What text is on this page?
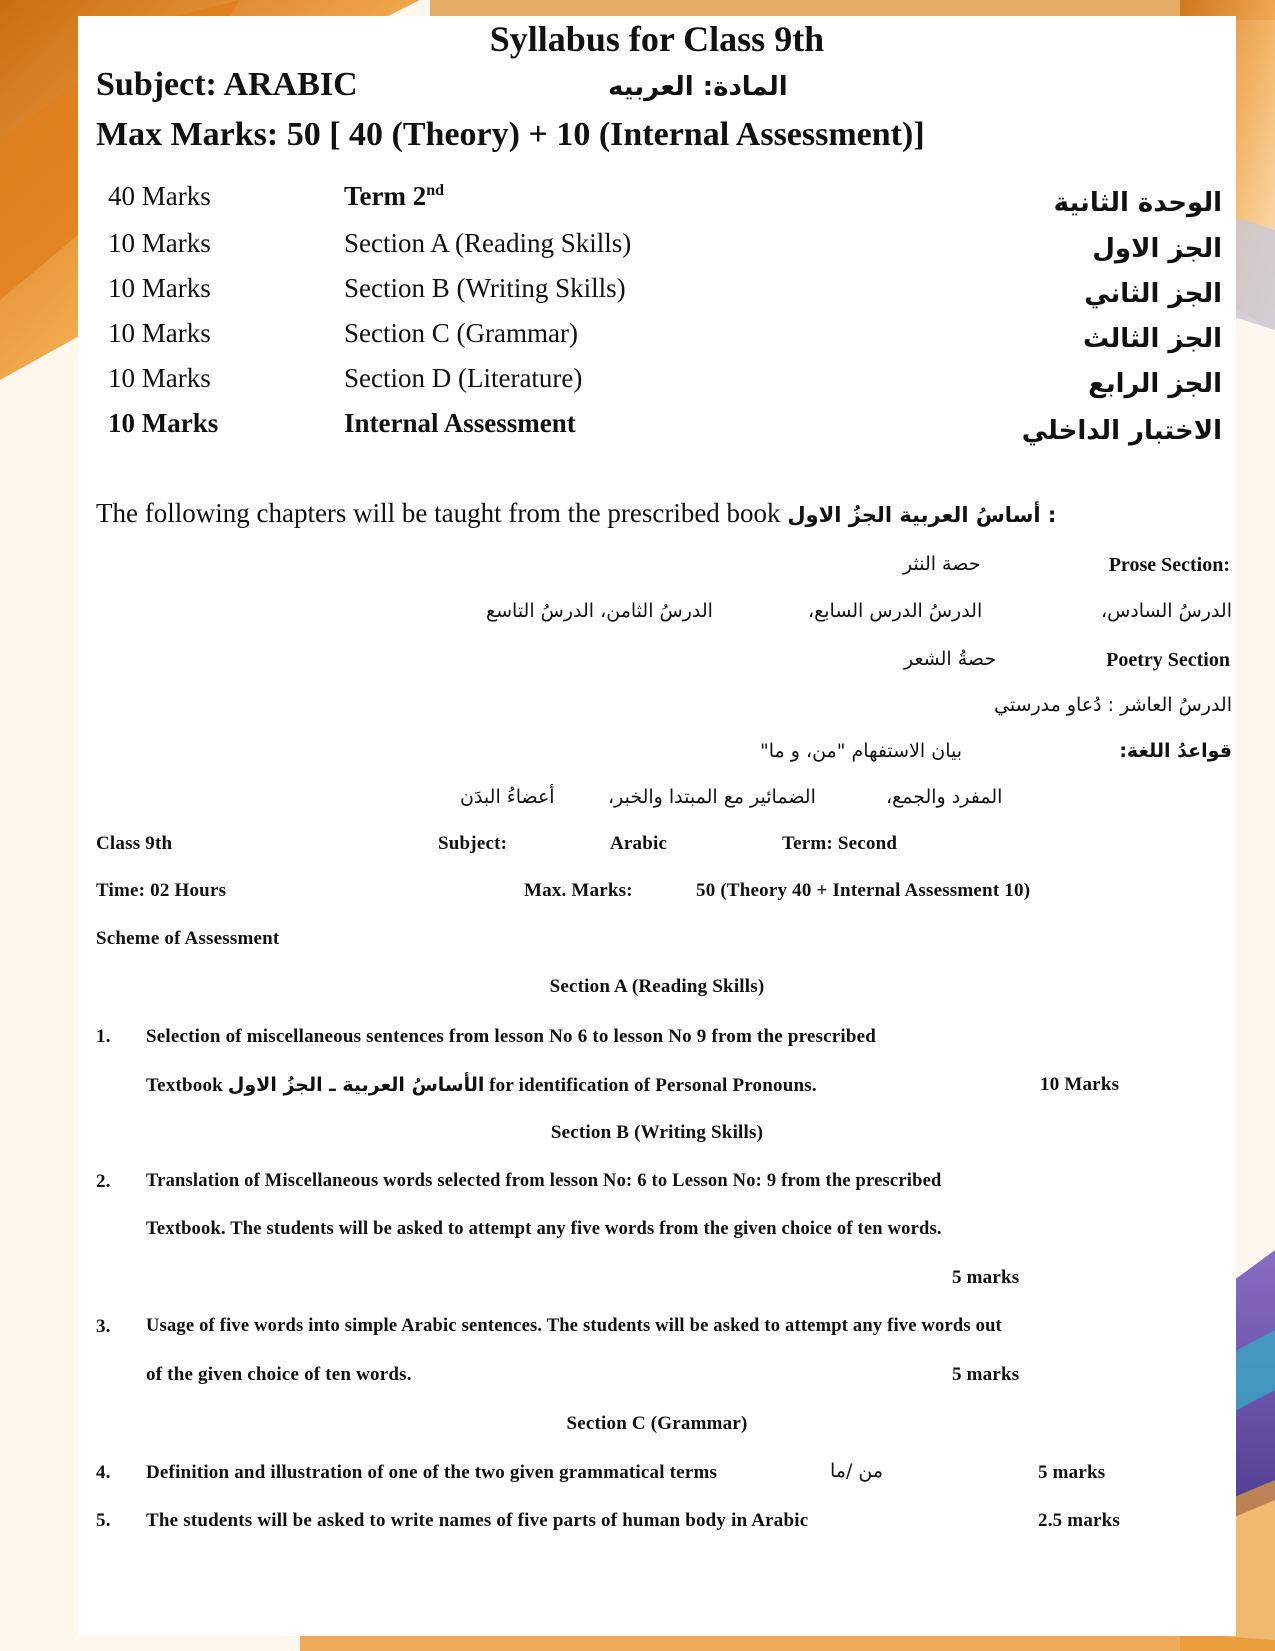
Syllabus for Class 9th
Subject: ARABIC	المادة: العربيه
Max Marks: 50 [ 40 (Theory) + 10 (Internal Assessment)]
40 Marks	Term 2nd	الوحدة الثانية
10 Marks	Section A (Reading Skills)	الجز الاول
10 Marks	Section B (Writing Skills)	الجز الثاني
10 Marks	Section C (Grammar)	الجز الثالث
10 Marks	Section D (Literature)	الجز الرابع
10 Marks	Internal Assessment	الاختبار الداخلي
The following chapters will be taught from the prescribed book : أساسُ العربية الجزُ الاول
Prose Section:
حصة النثر
الدرسُ السادس،
الدرسُ الدرس السابع،
الدرسُ الثامن، الدرسُ التاسع
Poetry Section
حصةُ الشعر
الدرسُ العاشر : دُعاو مدرستي
قواعدُ اللغة:
بيان الاستفهام "من، و ما"
المفرد والجمع،
الضمائير مع المبتدا والخبر،
أعضاءُ البدَن
Class 9th	Subject:	Arabic	Term: Second
Time: 02 Hours	Max. Marks:	50 (Theory 40 + Internal Assessment 10)
Scheme of Assessment
Section A (Reading Skills)
1. Selection of miscellaneous sentences from lesson No 6 to lesson No 9 from the prescribed
Textbook الأساسُ العربية ـ الجزُ الاول for identification of Personal Pronouns.	10 Marks
Section B (Writing Skills)
2. Translation of Miscellaneous words selected from lesson No: 6 to Lesson No: 9 from the prescribed
Textbook. The students will be asked to attempt any five words from the given choice of ten words.
5 marks
3. Usage of five words into simple Arabic sentences. The students will be asked to attempt any five words out
of the given choice of ten words.	5 marks
Section C (Grammar)
4. Definition and illustration of one of the two given grammatical terms	من /ما	5 marks
5. The students will be asked to write names of five parts of human body in Arabic	2.5 marks
